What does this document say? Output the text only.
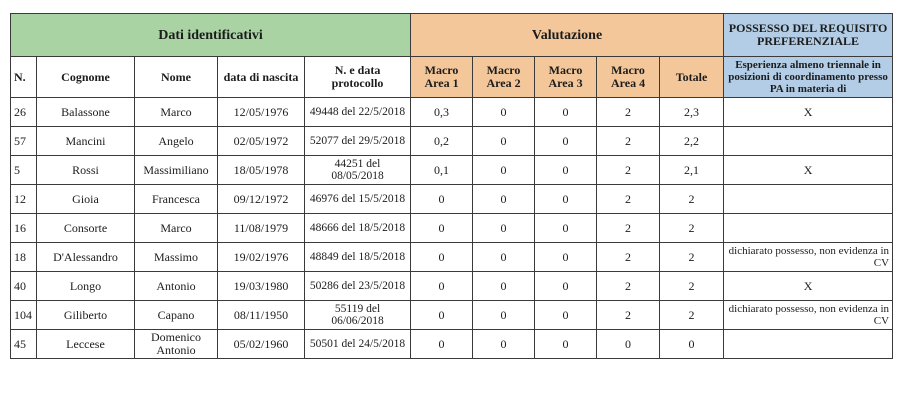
Dati identificativi					Valutazione					POSSESSO DEL REQUISITO PREFERENZIALE
N.	Cognome	Nome	data di nascita	N. e data protocollo	Macro Area 1	Macro Area 2	Macro Area 3	Macro Area 4	Totale	Esperienza almeno triennale in posizioni di coordinamento presso PA in materia di
26	Balassone	Marco	12/05/1976	49448 del 22/5/2018	0,3	0	0	2	2,3	X
57	Mancini	Angelo	02/05/1972	52077 del 29/5/2018	0,2	0	0	2	2,2	
5	Rossi	Massimiliano	18/05/1978	44251 del 08/05/2018	0,1	0	0	2	2,1	X
12	Gioia	Francesca	09/12/1972	46976 del 15/5/2018	0	0	0	2	2	
16	Consorte	Marco	11/08/1979	48666 del 18/5/2018	0	0	0	2	2	
18	D'Alessandro	Massimo	19/02/1976	48849 del 18/5/2018	0	0	0	2	2	dichiarato possesso, non evidenza in CV
40	Longo	Antonio	19/03/1980	50286 del 23/5/2018	0	0	0	2	2	X
104	Giliberto	Capano	08/11/1950	55119 del 06/06/2018	0	0	0	2	2	dichiarato possesso, non evidenza in CV
45	Leccese	Domenico Antonio	05/02/1960	50501 del 24/5/2018	0	0	0	0	0	
